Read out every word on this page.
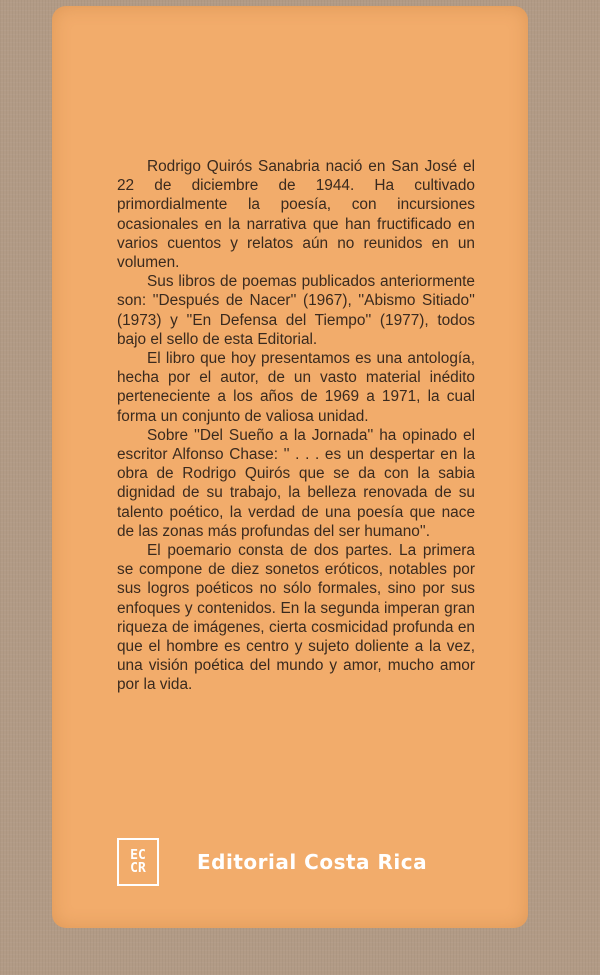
Rodrigo Quirós Sanabria nació en San José el 22 de diciembre de 1944. Ha cultivado primordialmente la poesía, con incursiones ocasionales en la narrativa que han fructificado en varios cuentos y relatos aún no reunidos en un volumen.

Sus libros de poemas publicados anteriormente son: ''Después de Nacer'' (1967), ''Abismo Sitiado'' (1973) y ''En Defensa del Tiempo'' (1977), todos bajo el sello de esta Editorial.

El libro que hoy presentamos es una antología, hecha por el autor, de un vasto material inédito perteneciente a los años de 1969 a 1971, la cual forma un conjunto de valiosa unidad.

Sobre ''Del Sueño a la Jornada'' ha opinado el escritor Alfonso Chase: '' . . . es un despertar en la obra de Rodrigo Quirós que se da con la sabia dignidad de su trabajo, la belleza renovada de su talento poético, la verdad de una poesía que nace de las zonas más profundas del ser humano''.

El poemario consta de dos partes. La primera se compone de diez sonetos eróticos, notables por sus logros poéticos no sólo formales, sino por sus enfoques y contenidos. En la segunda imperan gran riqueza de imágenes, cierta cosmicidad profunda en que el hombre es centro y sujeto doliente a la vez, una visión poética del mundo y amor, mucho amor por la vida.

EC
CR	Editorial Costa Rica
